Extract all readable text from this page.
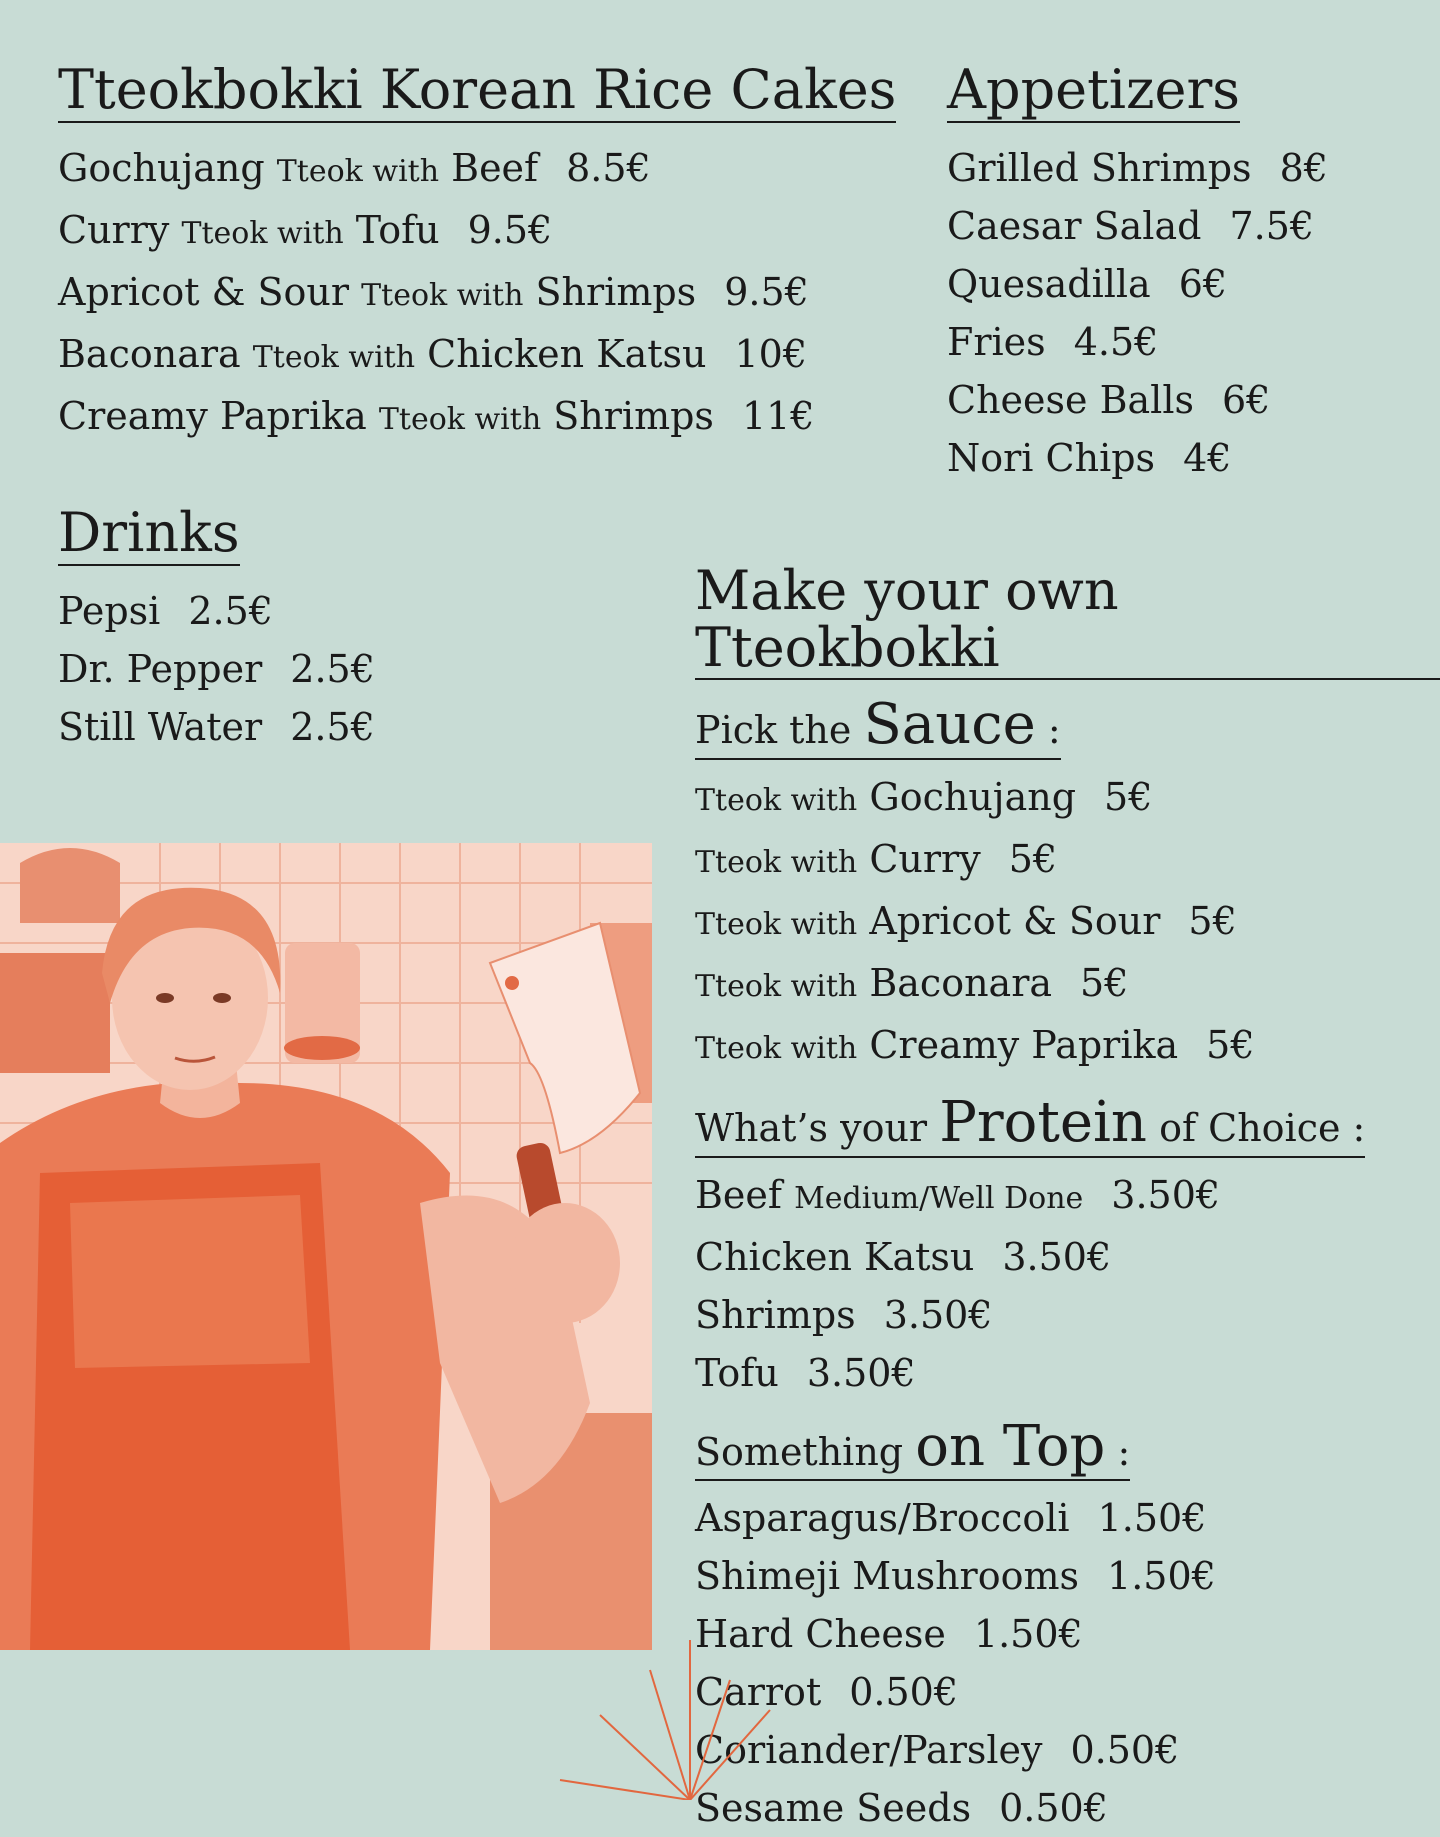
Tteokbokki Korean Rice Cakes
Gochujang Tteok with Beef 8.5€
Curry Tteok with Tofu 9.5€
Apricot & Sour Tteok with Shrimps 9.5€
Baconara Tteok with Chicken Katsu 10€
Creamy Paprika Tteok with Shrimps 11€
Appetizers
Grilled Shrimps 8€
Caesar Salad 7.5€
Quesadilla 6€
Fries 4.5€
Cheese Balls 6€
Nori Chips 4€
Drinks
Pepsi 2.5€
Dr. Pepper 2.5€
Still Water 2.5€
Make your own Tteokbokki
Pick the Sauce :
Tteok with Gochujang 5€
Tteok with Curry 5€
Tteok with Apricot & Sour 5€
Tteok with Baconara 5€
Tteok with Creamy Paprika 5€
What’s your Protein of Choice :
Beef Medium/Well Done 3.50€
Chicken Katsu 3.50€
Shrimps 3.50€
Tofu 3.50€
Something on Top :
Asparagus/Broccoli 1.50€
Shimeji Mushrooms 1.50€
Hard Cheese 1.50€
Carrot 0.50€
Coriander/Parsley 0.50€
Sesame Seeds 0.50€
